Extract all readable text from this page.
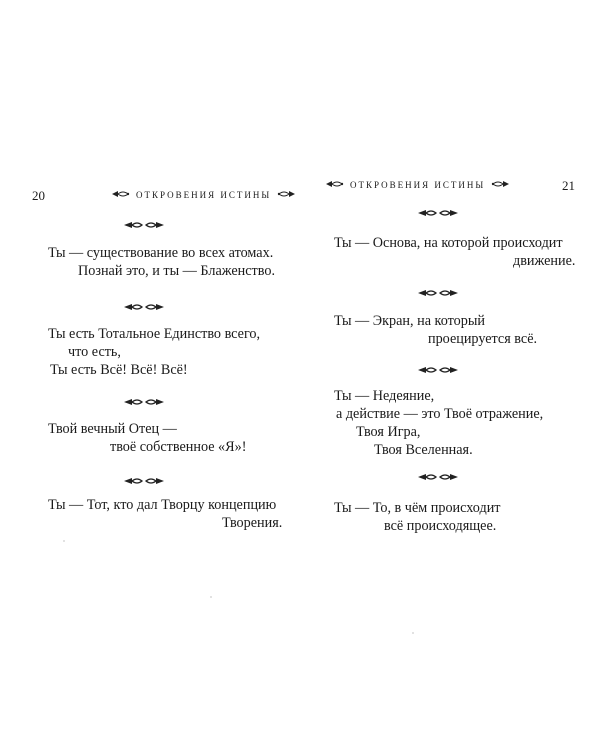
20	ОТКРОВЕНИЯ ИСТИНЫ
Ты — существование во всех атомах.
Познай это, и ты — Блаженство.
Ты есть Тотальное Единство всего,
что есть,
Ты есть Всё! Всё! Всё!
Твой вечный Отец —
твоё собственное «Я»!
Ты — Тот, кто дал Творцу концепцию
Творения.
21
ОТКРОВЕНИЯ ИСТИНЫ
Ты — Основа, на которой происходит
движение.
Ты — Экран, на который
проецируется всё.
Ты — Недеяние,
а действие — это Твоё отражение,
Твоя Игра,
Твоя Вселенная.
Ты — То, в чём происходит
всё происходящее.
